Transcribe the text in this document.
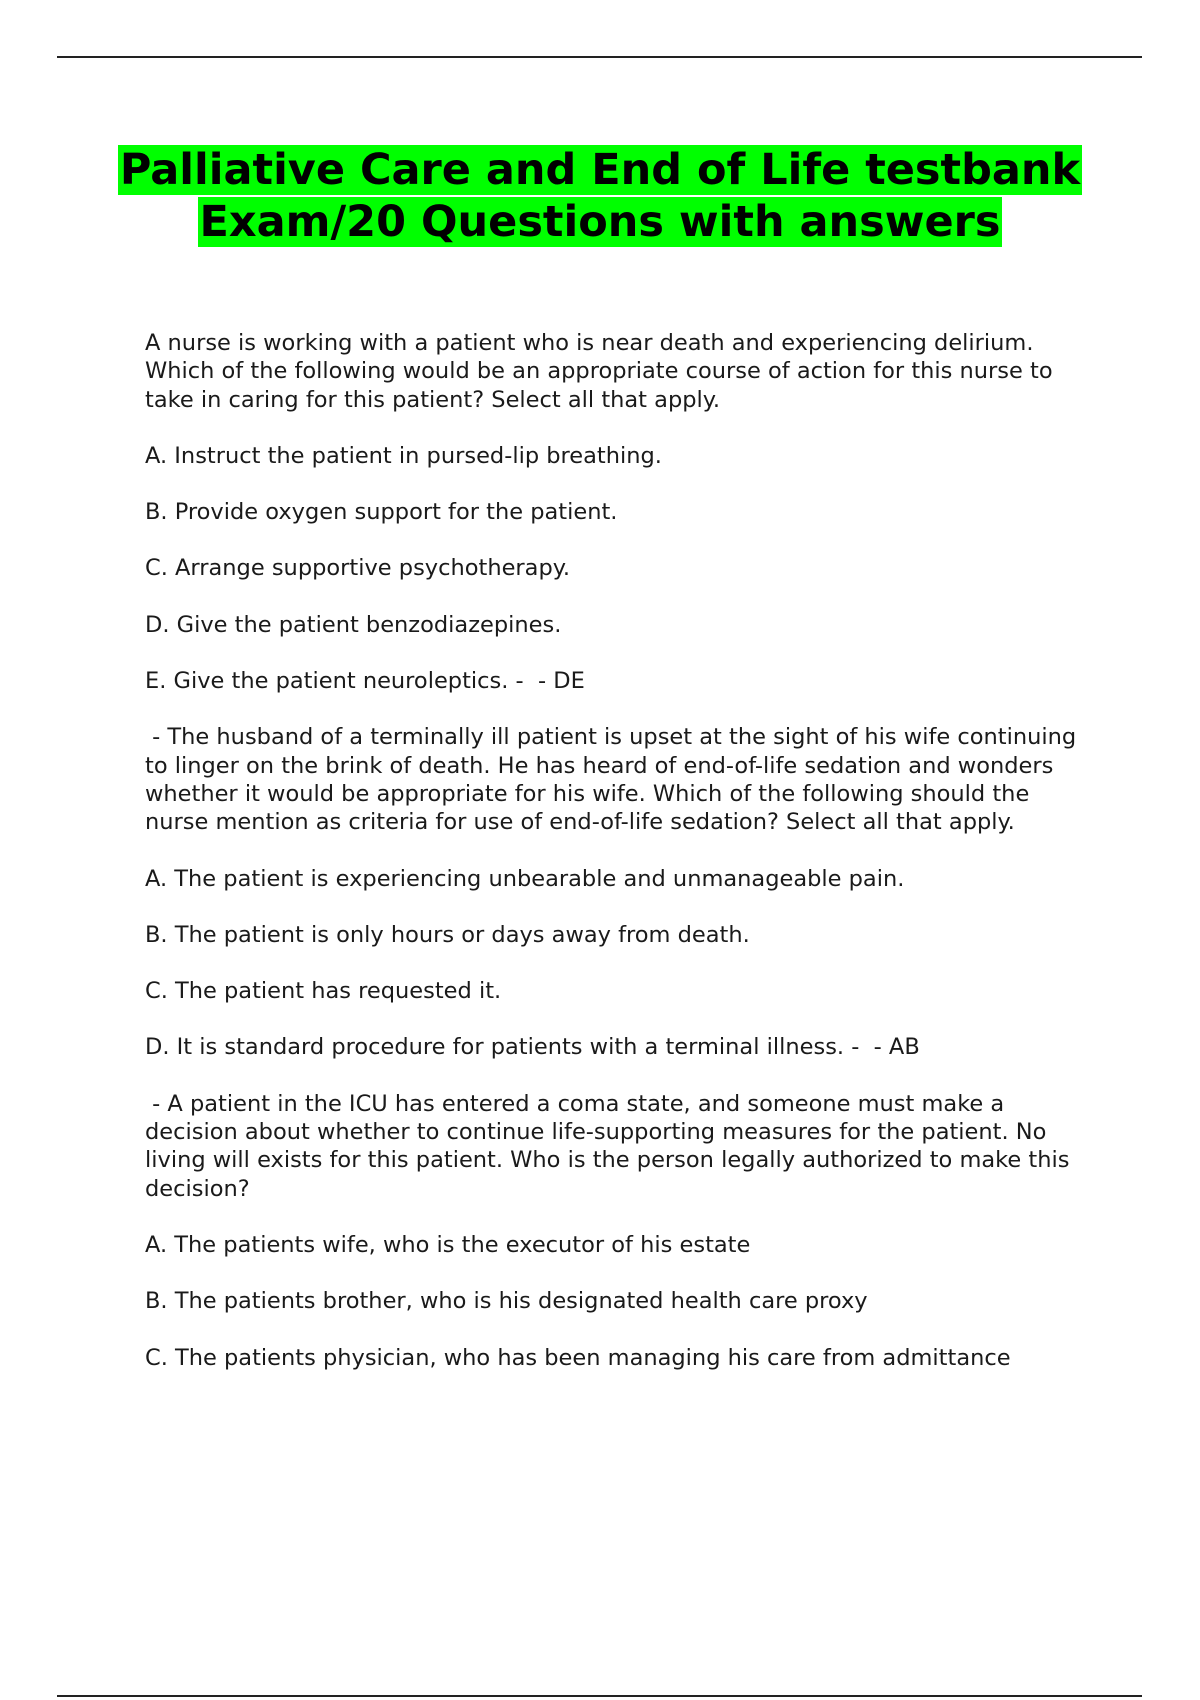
Palliative Care and End of Life testbank Exam/20 Questions with answers

A nurse is working with a patient who is near death and experiencing delirium. Which of the following would be an appropriate course of action for this nurse to take in caring for this patient? Select all that apply.

A. Instruct the patient in pursed-lip breathing.

B. Provide oxygen support for the patient.

C. Arrange supportive psychotherapy.

D. Give the patient benzodiazepines.

E. Give the patient neuroleptics. -  - DE

- The husband of a terminally ill patient is upset at the sight of his wife continuing to linger on the brink of death. He has heard of end-of-life sedation and wonders whether it would be appropriate for his wife. Which of the following should the nurse mention as criteria for use of end-of-life sedation? Select all that apply.

A. The patient is experiencing unbearable and unmanageable pain.

B. The patient is only hours or days away from death.

C. The patient has requested it.

D. It is standard procedure for patients with a terminal illness. -  - AB

- A patient in the ICU has entered a coma state, and someone must make a decision about whether to continue life-supporting measures for the patient. No living will exists for this patient. Who is the person legally authorized to make this decision?

A. The patients wife, who is the executor of his estate

B. The patients brother, who is his designated health care proxy

C. The patients physician, who has been managing his care from admittance
